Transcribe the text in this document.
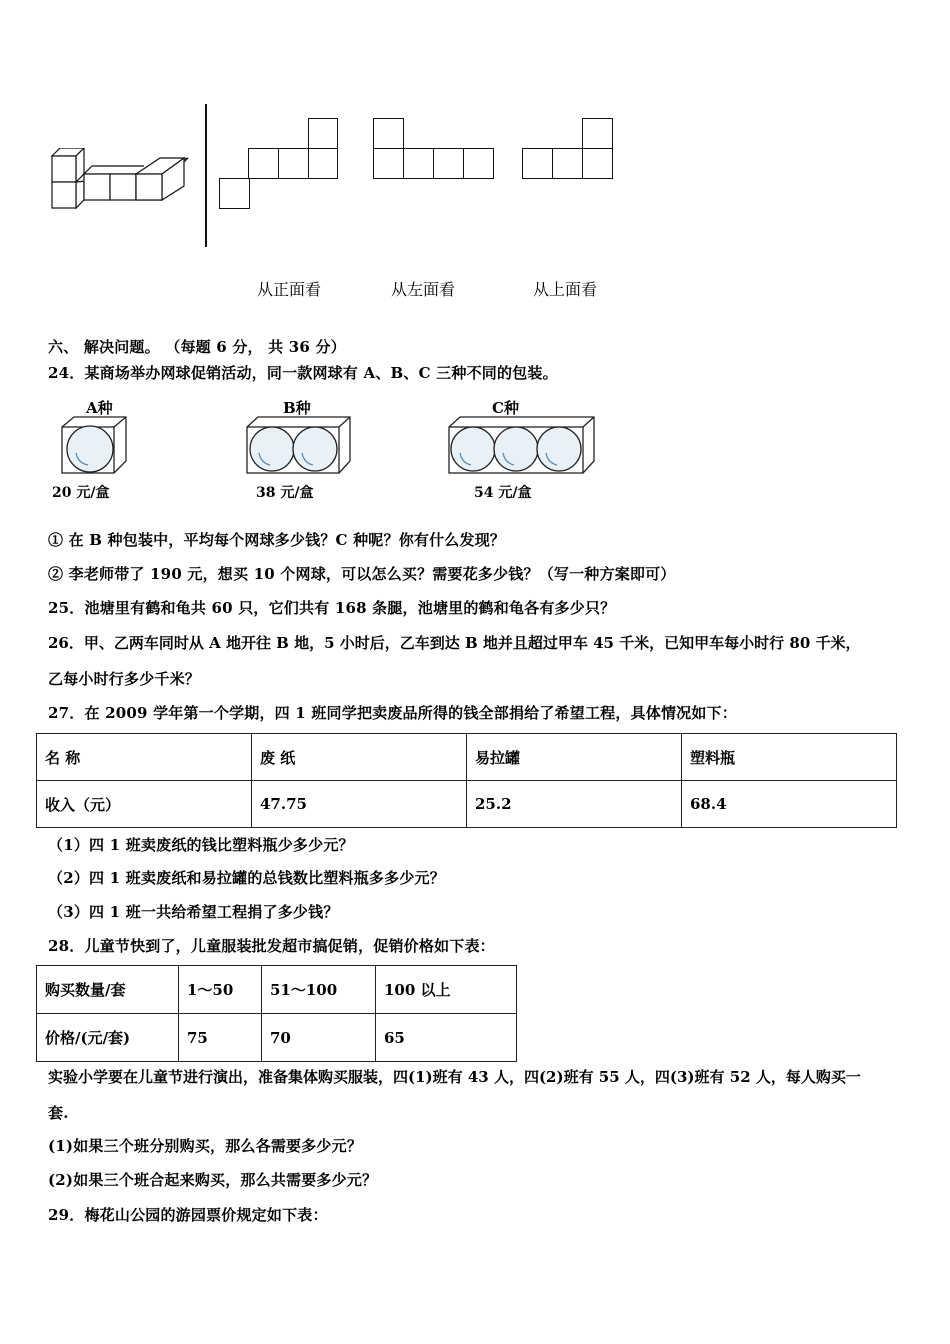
从正面看	从左面看	从上面看
六、 解决问题。 （每题 6 分， 共 36 分）
24．某商场举办网球促销活动，同一款网球有 A、B、C 三种不同的包装。
A种
20 元/盒
B种
38 元/盒
C种
54 元/盒
① 在 B 种包装中，平均每个网球多少钱？C 种呢？你有什么发现？
② 李老师带了 190 元，想买 10 个网球，可以怎么买？需要花多少钱？（写一种方案即可）
25．池塘里有鹤和龟共 60 只，它们共有 168 条腿，池塘里的鹤和龟各有多少只？
26．甲、乙两车同时从 A 地开往 B 地，5 小时后，乙车到达 B 地并且超过甲车 45 千米，已知甲车每小时行 80 千米，
乙每小时行多少千米？
27．在 2009 学年第一个学期，四 1 班同学把卖废品所得的钱全部捐给了希望工程，具体情况如下：
名 称	废 纸	易拉罐	塑料瓶
收入（元）	47.75	25.2	68.4
（1）四 1 班卖废纸的钱比塑料瓶少多少元？
（2）四 1 班卖废纸和易拉罐的总钱数比塑料瓶多多少元？
（3）四 1 班一共给希望工程捐了多少钱？
28．儿童节快到了，儿童服装批发超市搞促销，促销价格如下表：
购买数量/套	1～50	51～100	100 以上
价格/(元/套)	75	70	65
实验小学要在儿童节进行演出，准备集体购买服装，四(1)班有 43 人，四(2)班有 55 人，四(3)班有 52 人，每人购买一
套.
(1)如果三个班分别购买，那么各需要多少元？
(2)如果三个班合起来购买，那么共需要多少元？
29．梅花山公园的游园票价规定如下表：
